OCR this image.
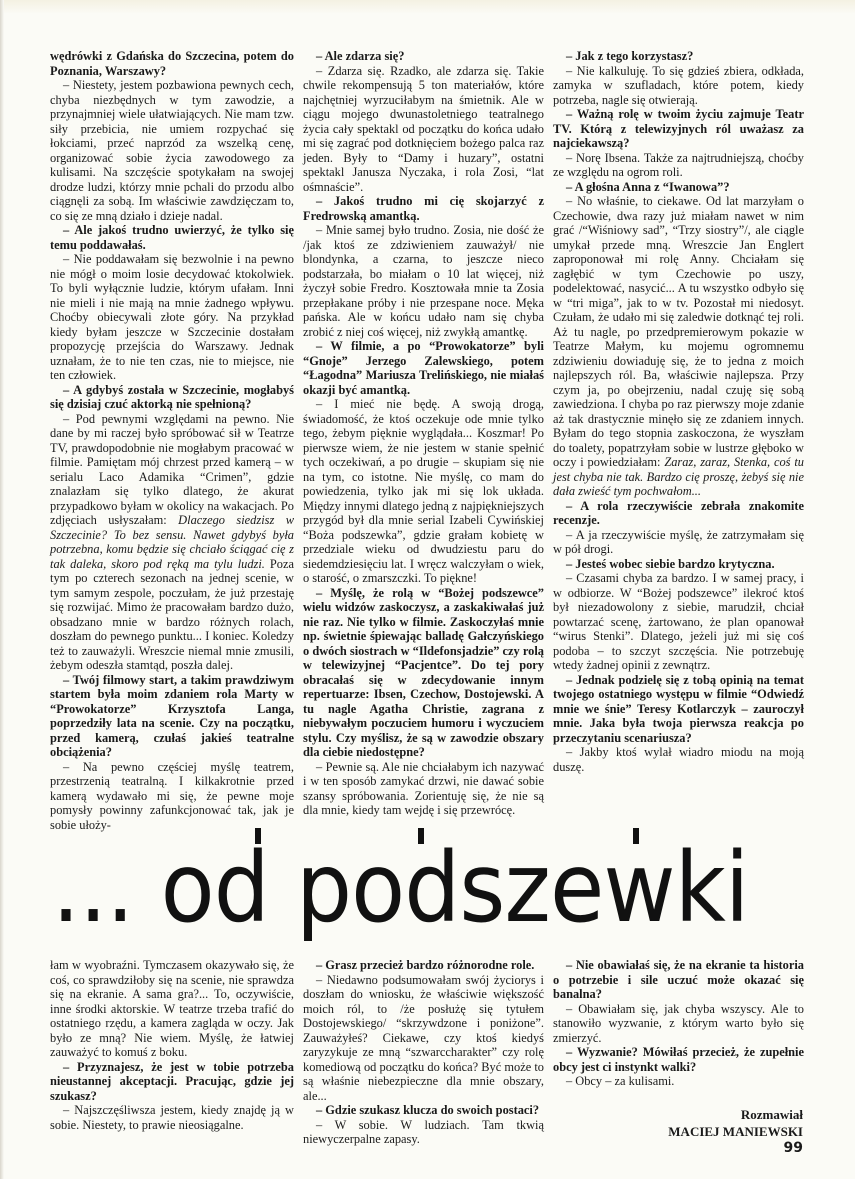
wędrówki z Gdańska do Szczecina, potem do Poznania, Warszawy?

– Niestety, jestem pozbawiona pewnych cech, chyba niezbędnych w tym zawodzie, a przynajmniej wiele ułatwiających. Nie mam tzw. siły przebicia, nie umiem rozpychać się łokciami, przeć naprzód za wszelką cenę, organizować sobie życia zawodowego za kulisami. Na szczęście spotykałam na swojej drodze ludzi, którzy mnie pchali do przodu albo ciągnęli za sobą. Im właściwie zawdzięczam to, co się ze mną działo i dzieje nadal.

– Ale jakoś trudno uwierzyć, że tylko się temu poddawałaś.

– Nie poddawałam się bezwolnie i na pewno nie mógł o moim losie decydować ktokolwiek. To byli wyłącznie ludzie, którym ufałam. Inni nie mieli i nie mają na mnie żadnego wpływu. Choćby obiecywali złote góry. Na przykład kiedy byłam jeszcze w Szczecinie dostałam propozycję przejścia do Warszawy. Jednak uznałam, że to nie ten czas, nie to miejsce, nie ten człowiek.

– A gdybyś została w Szczecinie, mogłabyś się dzisiaj czuć aktorką nie spełnioną?

– Pod pewnymi względami na pewno. Nie dane by mi raczej było spróbować sił w Teatrze TV, prawdopodobnie nie mogłabym pracować w filmie. Pamiętam mój chrzest przed kamerą – w serialu Laco Adamika “Crimen”, gdzie znalazłam się tylko dlatego, że akurat przypadkowo byłam w okolicy na wakacjach. Po zdjęciach usłyszałam: Dlaczego siedzisz w Szczecinie? To bez sensu. Nawet gdybyś była potrzebna, komu będzie się chciało ściągać cię z tak daleka, skoro pod ręką ma tylu ludzi. Poza tym po czterech sezonach na jednej scenie, w tym samym zespole, poczułam, że już przestaję się rozwijać. Mimo że pracowałam bardzo dużo, obsadzano mnie w bardzo różnych rolach, doszłam do pewnego punktu... I koniec. Koledzy też to zauważyli. Wreszcie niemal mnie zmusili, żebym odeszła stamtąd, poszła dalej.

– Twój filmowy start, a takim prawdziwym startem była moim zdaniem rola Marty w “Prowokatorze” Krzysztofa Langa, poprzedziły lata na scenie. Czy na początku, przed kamerą, czułaś jakieś teatralne obciążenia?

– Na pewno częściej myślę teatrem, przestrzenią teatralną. I kilkakrotnie przed kamerą wydawało mi się, że pewne moje pomysły powinny zafunkcjonować tak, jak je sobie ułoży-

– Ale zdarza się?

– Zdarza się. Rzadko, ale zdarza się. Takie chwile rekompensują 5 ton materiałów, które najchętniej wyrzuciłabym na śmietnik. Ale w ciągu mojego dwunastoletniego teatralnego życia cały spektakl od początku do końca udało mi się zagrać pod dotknięciem bożego palca raz jeden. Były to “Damy i huzary”, ostatni spektakl Janusza Nyczaka, i rola Zosi, “lat ośmnaście”.

– Jakoś trudno mi cię skojarzyć z Fredrowską amantką.

– Mnie samej było trudno. Zosia, nie dość że /jak ktoś ze zdziwieniem zauważył/ nie blondynka, a czarna, to jeszcze nieco podstarzała, bo miałam o 10 lat więcej, niż życzył sobie Fredro. Kosztowała mnie ta Zosia przepłakane próby i nie przespane noce. Męka pańska. Ale w końcu udało nam się chyba zrobić z niej coś więcej, niż zwykłą amantkę.

– W filmie, a po “Prowokatorze” byli “Gnoje” Jerzego Zalewskiego, potem “Łagodna” Mariusza Trelińskiego, nie miałaś okazji być amantką.

– I mieć nie będę. A swoją drogą, świadomość, że ktoś oczekuje ode mnie tylko tego, żebym pięknie wyglądała... Koszmar! Po pierwsze wiem, że nie jestem w stanie spełnić tych oczekiwań, a po drugie – skupiam się nie na tym, co istotne. Nie myślę, co mam do powiedzenia, tylko jak mi się lok układa. Między innymi dlatego jedną z najpiękniejszych przygód był dla mnie serial Izabeli Cywińskiej “Boża podszewka”, gdzie grałam kobietę w przedziale wieku od dwudziestu paru do siedemdziesięciu lat. I wręcz walczyłam o wiek, o starość, o zmarszczki. To piękne!

– Myślę, że rolą w “Bożej podszewce” wielu widzów zaskoczysz, a zaskakiwałaś już nie raz. Nie tylko w filmie. Zaskoczyłaś mnie np. świetnie śpiewając balladę Gałczyńskiego o dwóch siostrach w “Ildefonsjadzie” czy rolą w telewizyjnej “Pacjentce”. Do tej pory obracałaś się w zdecydowanie innym repertuarze: Ibsen, Czechow, Dostojewski. A tu nagle Agatha Christie, zagrana z niebywałym poczuciem humoru i wyczuciem stylu. Czy myślisz, że są w zawodzie obszary dla ciebie niedostępne?

– Pewnie są. Ale nie chciałabym ich nazywać i w ten sposób zamykać drzwi, nie dawać sobie szansy spróbowania. Zorientuję się, że nie są dla mnie, kiedy tam wejdę i się przewrócę.

– Jak z tego korzystasz?

– Nie kalkuluję. To się gdzieś zbiera, odkłada, zamyka w szufladach, które potem, kiedy potrzeba, nagle się otwierają.

– Ważną rolę w twoim życiu zajmuje Teatr TV. Którą z telewizyjnych ról uważasz za najciekawszą?

– Norę Ibsena. Także za najtrudniejszą, choćby ze względu na ogrom roli.

– A głośna Anna z “Iwanowa”?

– No właśnie, to ciekawe. Od lat marzyłam o Czechowie, dwa razy już miałam nawet w nim grać /“Wiśniowy sad”, “Trzy siostry”/, ale ciągle umykał przede mną. Wreszcie Jan Englert zaproponował mi rolę Anny. Chciałam się zagłębić w tym Czechowie po uszy, podelektować, nasycić... A tu wszystko odbyło się w “tri miga”, jak to w tv. Pozostał mi niedosyt. Czułam, że udało mi się zaledwie dotknąć tej roli. Aż tu nagle, po przedpremierowym pokazie w Teatrze Małym, ku mojemu ogromnemu zdziwieniu dowiaduję się, że to jedna z moich najlepszych ról. Ba, właściwie najlepsza. Przy czym ja, po obejrzeniu, nadal czuję się sobą zawiedziona. I chyba po raz pierwszy moje zdanie aż tak drastycznie minęło się ze zdaniem innych. Byłam do tego stopnia zaskoczona, że wyszłam do toalety, popatrzyłam sobie w lustrze głęboko w oczy i powiedziałam: Zaraz, zaraz, Stenka, coś tu jest chyba nie tak. Bardzo cię proszę, żebyś się nie dała zwieść tym pochwałom...

– A rola rzeczywiście zebrała znakomite recenzje.

– A ja rzeczywiście myślę, że zatrzymałam się w pół drogi.

– Jesteś wobec siebie bardzo krytyczna.

– Czasami chyba za bardzo. I w samej pracy, i w odbiorze. W “Bożej podszewce” ilekroć ktoś był niezadowolony z siebie, marudził, chciał powtarzać scenę, żartowano, że plan opanował “wirus Stenki”. Dlatego, jeżeli już mi się coś podoba – to szczyt szczęścia. Nie potrzebuję wtedy żadnej opinii z zewnątrz.

– Jednak podzielę się z tobą opinią na temat twojego ostatniego występu w filmie “Odwiedź mnie we śnie” Teresy Kotlarczyk – zauroczył mnie. Jaka była twoja pierwsza reakcja po przeczytaniu scenariusza?

– Jakby ktoś wylał wiadro miodu na moją duszę.

... od podszewki

łam w wyobraźni. Tymczasem okazywało się, że coś, co sprawdziłoby się na scenie, nie sprawdza się na ekranie. A sama gra?... To, oczywiście, inne środki aktorskie. W teatrze trzeba trafić do ostatniego rzędu, a kamera zagląda w oczy. Jak było ze mną? Nie wiem. Myślę, że łatwiej zauważyć to komuś z boku.

– Przyznajesz, że jest w tobie potrzeba nieustannej akceptacji. Pracując, gdzie jej szukasz?

– Najszczęśliwsza jestem, kiedy znajdę ją w sobie. Niestety, to prawie nieosiągalne.

– Grasz przecież bardzo różnorodne role.

– Niedawno podsumowałam swój życiorys i doszłam do wniosku, że właściwie większość moich ról, to /że posłużę się tytułem Dostojewskiego/ “skrzywdzone i poniżone”. Zauważyłeś? Ciekawe, czy ktoś kiedyś zaryzykuje ze mną “szwarccharakter” czy rolę komediową od początku do końca? Być może to są właśnie niebezpieczne dla mnie obszary, ale...

– Gdzie szukasz klucza do swoich postaci?

– W sobie. W ludziach. Tam tkwią niewyczerpalne zapasy.

– Nie obawiałaś się, że na ekranie ta historia o potrzebie i sile uczuć może okazać się banalna?

– Obawiałam się, jak chyba wszyscy. Ale to stanowiło wyzwanie, z którym warto było się zmierzyć.

– Wyzwanie? Mówiłaś przecież, że zupełnie obcy jest ci instynkt walki?

– Obcy – za kulisami.

Rozmawiał
MACIEJ MANIEWSKI
99
